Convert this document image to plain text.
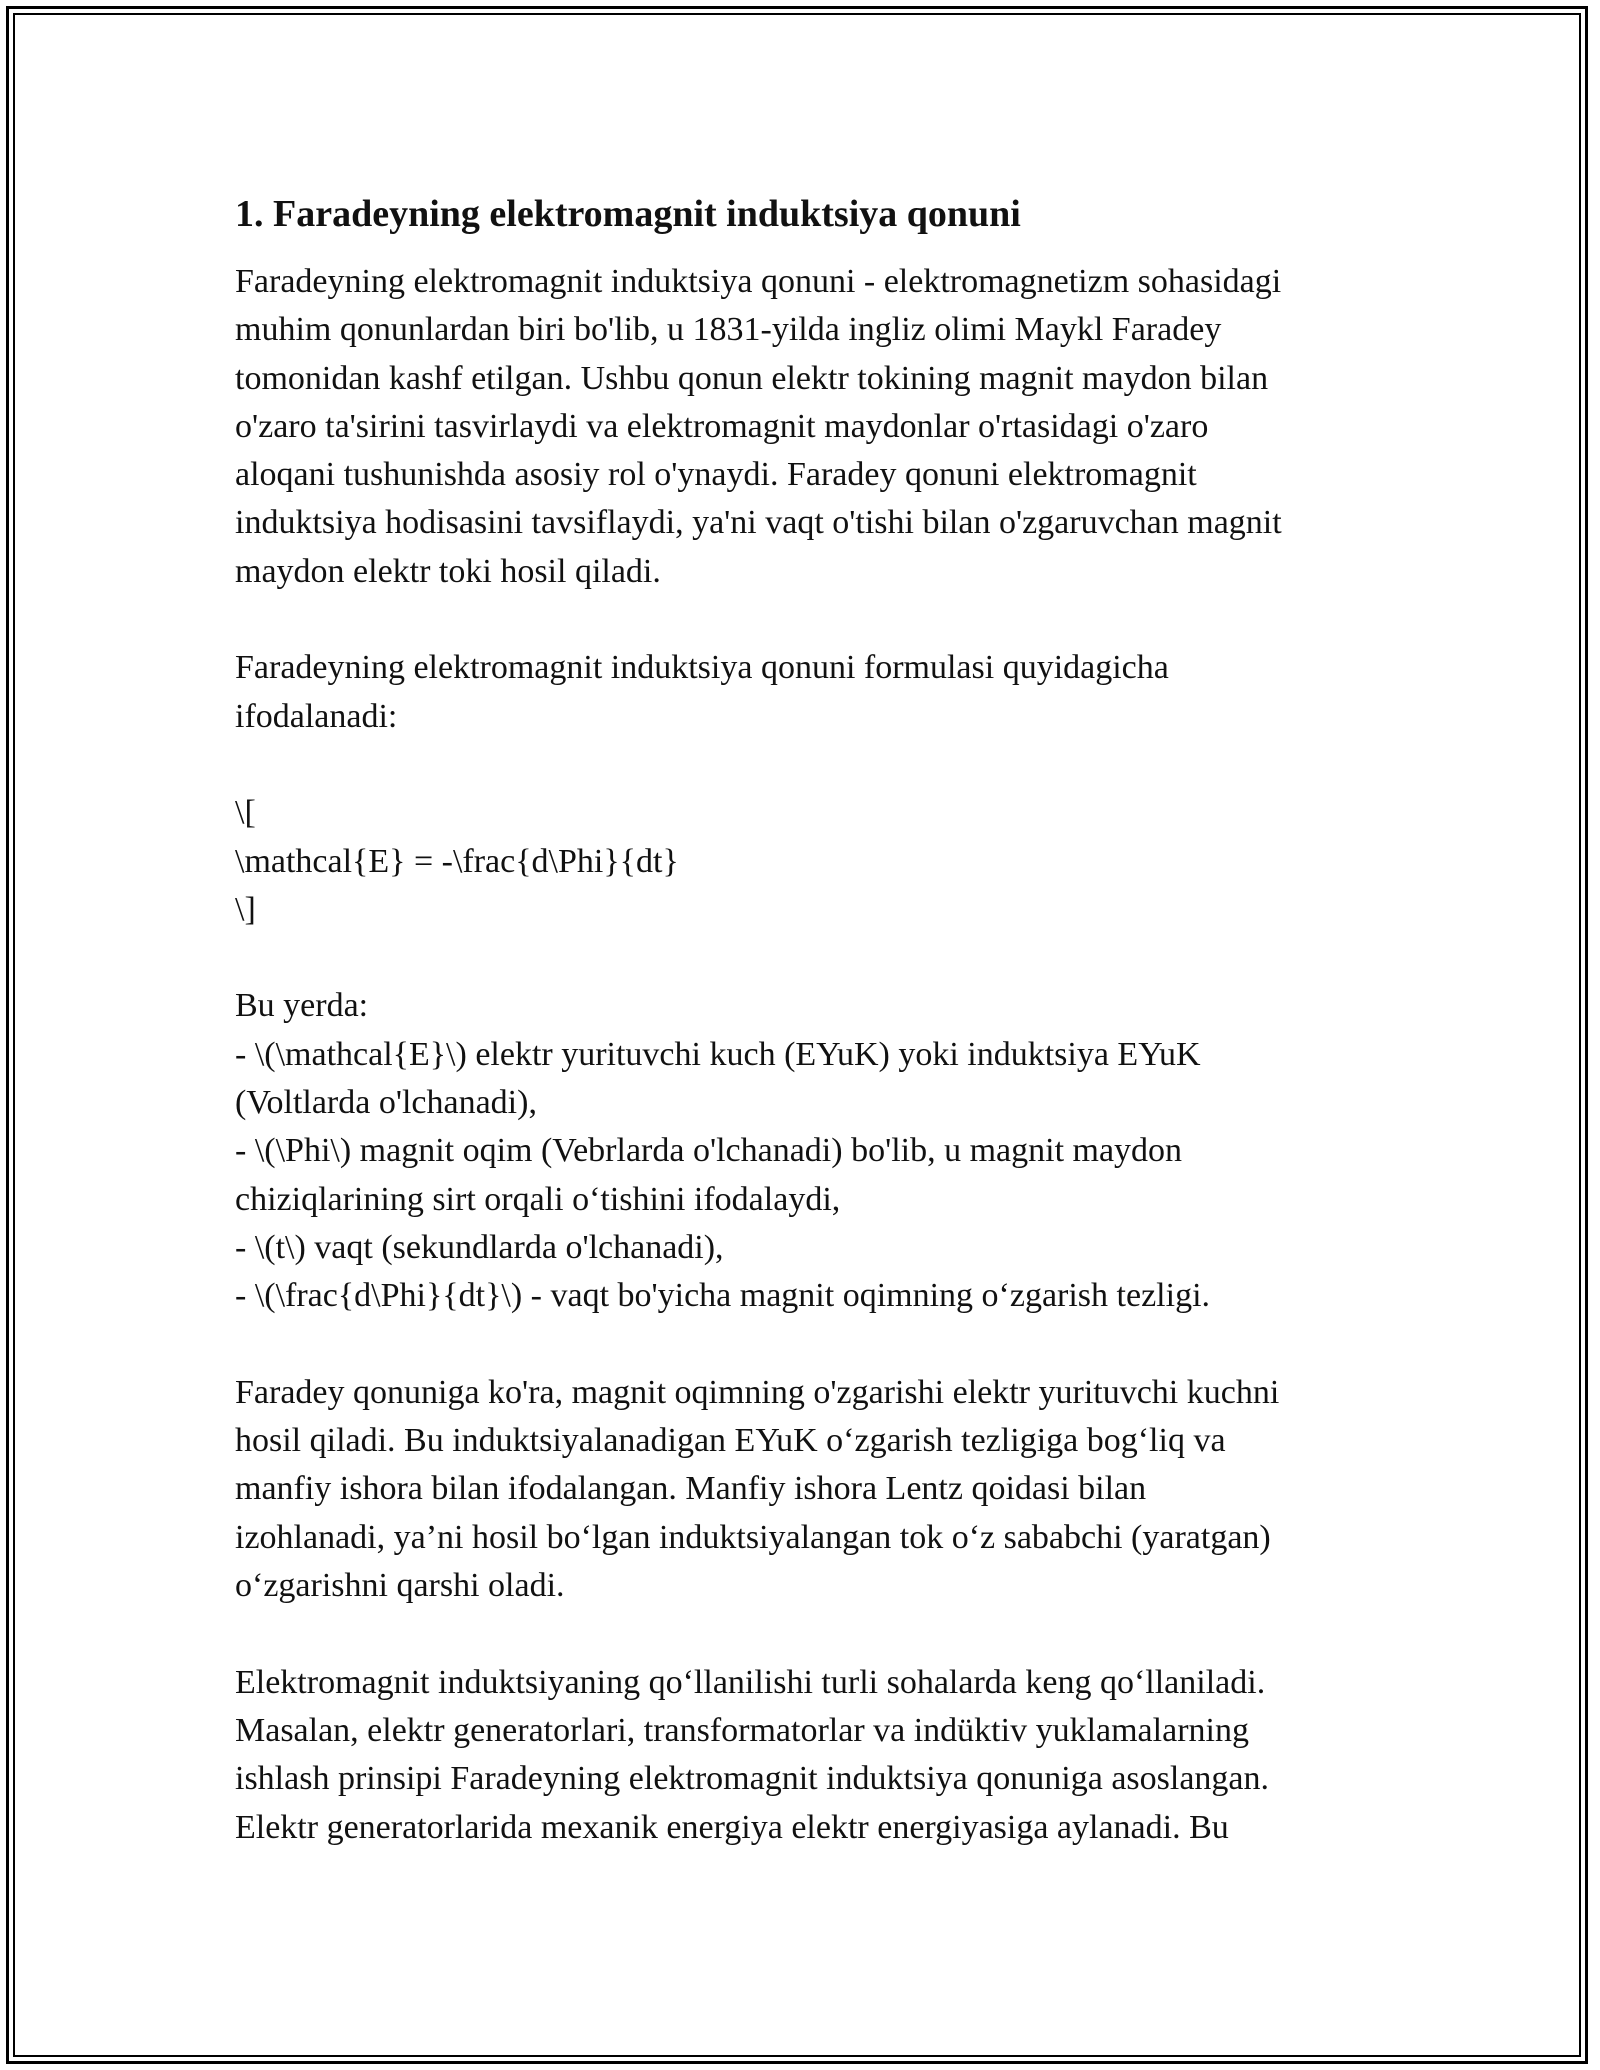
1. Faradeyning elektromagnit induktsiya qonuni

Faradeyning elektromagnit induktsiya qonuni - elektromagnetizm sohasidagi
muhim qonunlardan biri bo'lib, u 1831-yilda ingliz olimi Maykl Faradey
tomonidan kashf etilgan. Ushbu qonun elektr tokining magnit maydon bilan
o'zaro ta'sirini tasvirlaydi va elektromagnit maydonlar o'rtasidagi o'zaro
aloqani tushunishda asosiy rol o'ynaydi. Faradey qonuni elektromagnit
induktsiya hodisasini tavsiflaydi, ya'ni vaqt o'tishi bilan o'zgaruvchan magnit
maydon elektr toki hosil qiladi.

Faradeyning elektromagnit induktsiya qonuni formulasi quyidagicha
ifodalanadi:

\[
\mathcal{E} = -\frac{d\Phi}{dt}
\]

Bu yerda:
- \(\mathcal{E}\) elektr yurituvchi kuch (EYuK) yoki induktsiya EYuK
(Voltlarda o'lchanadi),
- \(\Phi\) magnit oqim (Vebrlarda o'lchanadi) bo'lib, u magnit maydon
chiziqlarining sirt orqali oʻtishini ifodalaydi,
- \(t\) vaqt (sekundlarda o'lchanadi),
- \(\frac{d\Phi}{dt}\) - vaqt bo'yicha magnit oqimning oʻzgarish tezligi.

Faradey qonuniga ko'ra, magnit oqimning o'zgarishi elektr yurituvchi kuchni
hosil qiladi. Bu induktsiyalanadigan EYuK oʻzgarish tezligiga bogʻliq va
manfiy ishora bilan ifodalangan. Manfiy ishora Lentz qoidasi bilan
izohlanadi, ya’ni hosil boʻlgan induktsiyalangan tok oʻz sababchi (yaratgan)
oʻzgarishni qarshi oladi.

Elektromagnit induktsiyaning qoʻllanilishi turli sohalarda keng qoʻllaniladi.
Masalan, elektr generatorlari, transformatorlar va indüktiv yuklamalarning
ishlash prinsipi Faradeyning elektromagnit induktsiya qonuniga asoslangan.
Elektr generatorlarida mexanik energiya elektr energiyasiga aylanadi. Bu
